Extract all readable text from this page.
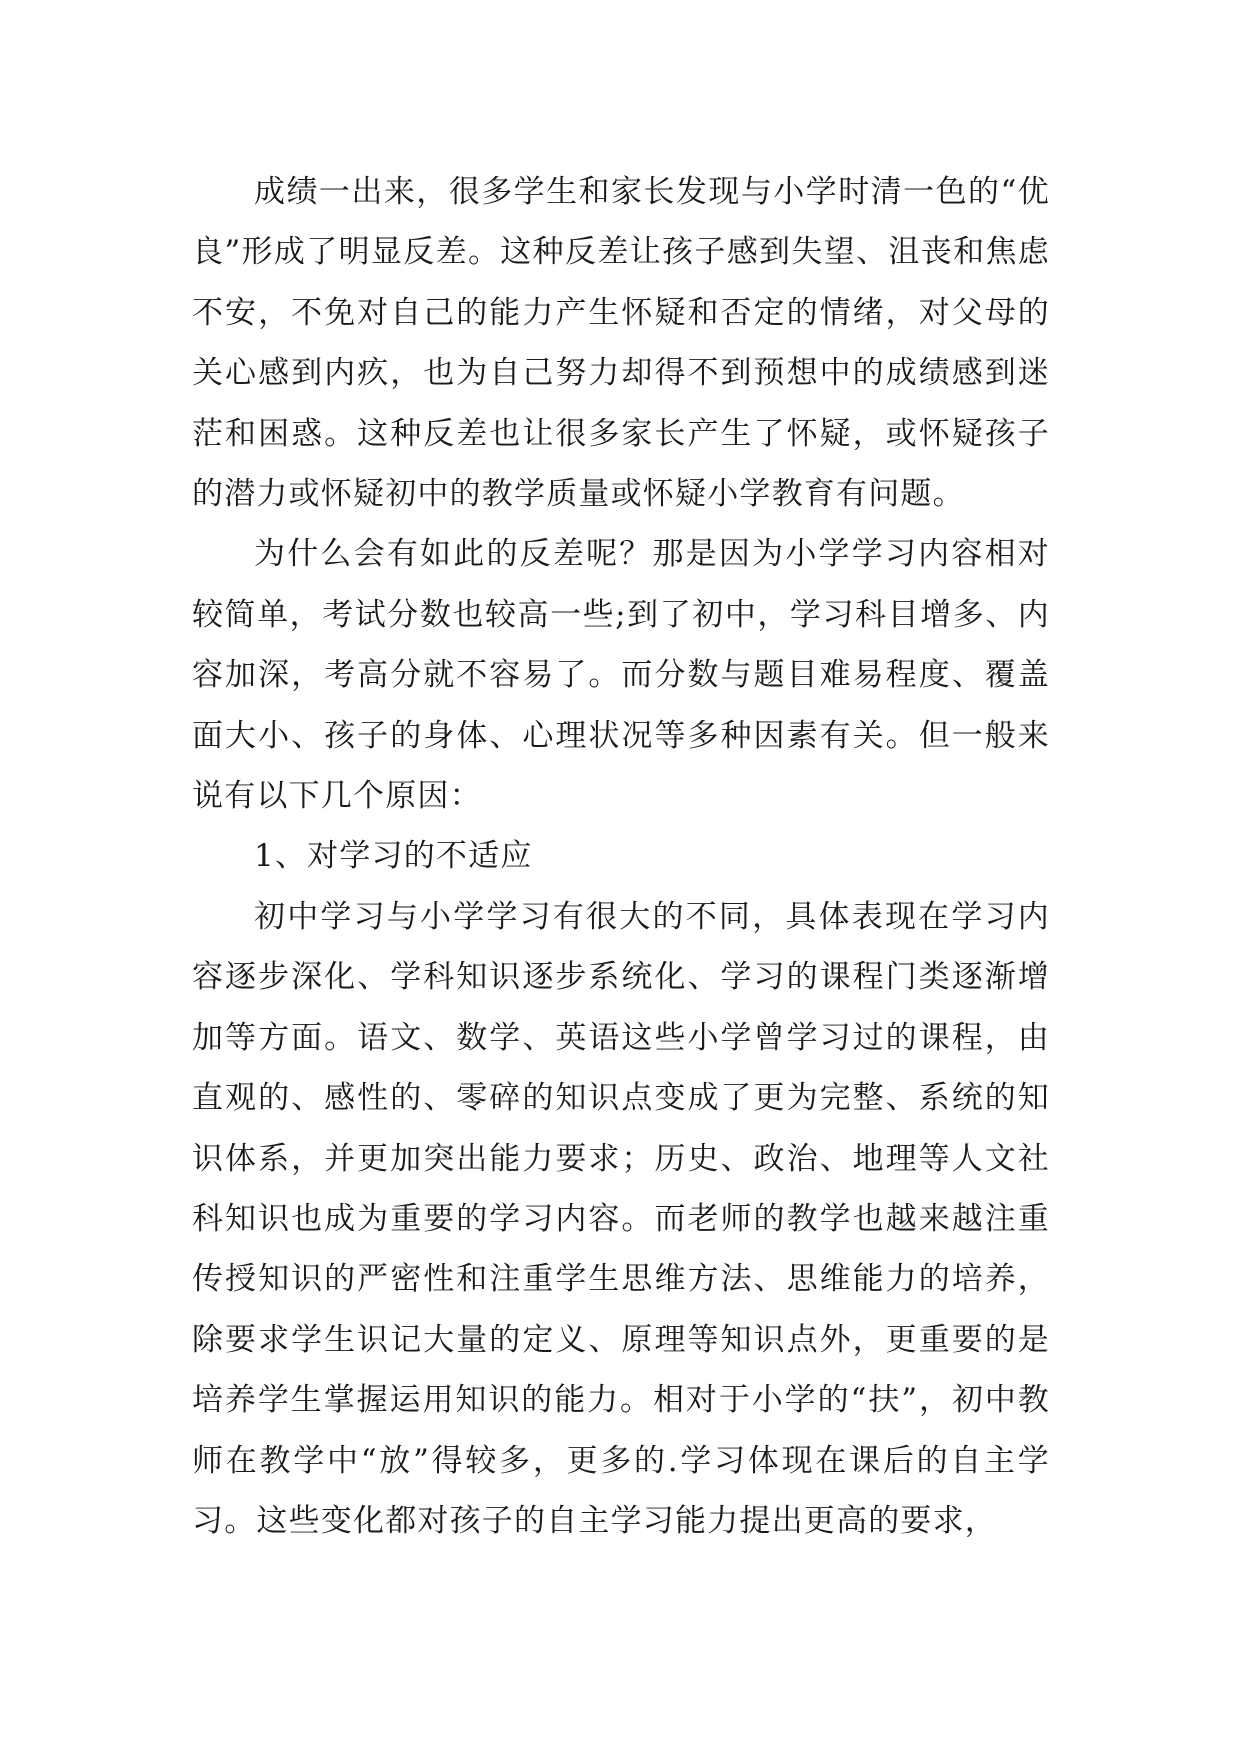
成绩一出来，很多学生和家长发现与小学时清一色的“优良”形成了明显反差。这种反差让孩子感到失望、沮丧和焦虑不安，不免对自己的能力产生怀疑和否定的情绪，对父母的关心感到内疚，也为自己努力却得不到预想中的成绩感到迷茫和困惑。这种反差也让很多家长产生了怀疑，或怀疑孩子的潜力或怀疑初中的教学质量或怀疑小学教育有问题。

为什么会有如此的反差呢？那是因为小学学习内容相对较简单，考试分数也较高一些;到了初中，学习科目增多、内容加深，考高分就不容易了。而分数与题目难易程度、覆盖面大小、孩子的身体、心理状况等多种因素有关。但一般来说有以下几个原因：

1、对学习的不适应

初中学习与小学学习有很大的不同，具体表现在学习内容逐步深化、学科知识逐步系统化、学习的课程门类逐渐增加等方面。语文、数学、英语这些小学曾学习过的课程，由直观的、感性的、零碎的知识点变成了更为完整、系统的知识体系，并更加突出能力要求；历史、政治、地理等人文社科知识也成为重要的学习内容。而老师的教学也越来越注重传授知识的严密性和注重学生思维方法、思维能力的培养，除要求学生识记大量的定义、原理等知识点外，更重要的是培养学生掌握运用知识的能力。相对于小学的“扶”，初中教师在教学中“放”得较多，更多的.学习体现在课后的自主学习。这些变化都对孩子的自主学习能力提出更高的要求，
